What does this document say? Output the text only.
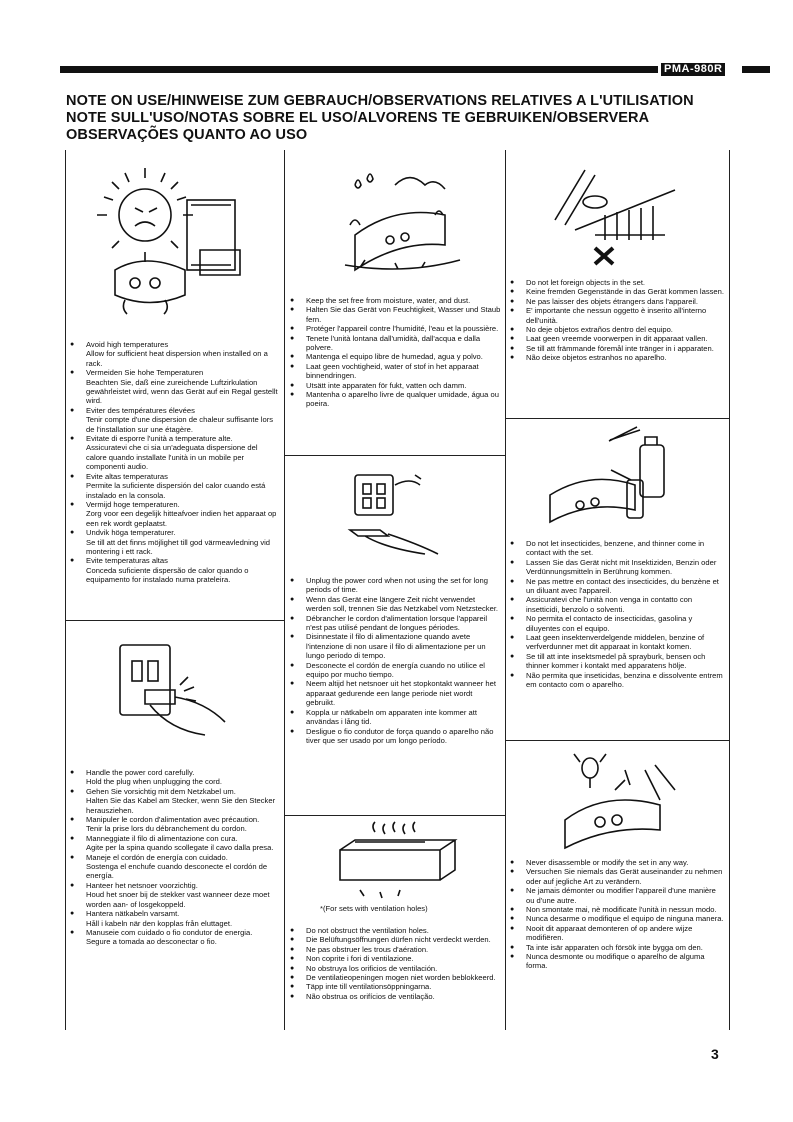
PMA-980R
NOTE ON USE/HINWEISE ZUM GEBRAUCH/OBSERVATIONS RELATIVES A L'UTILISATION
NOTE SULL'USO/NOTAS SOBRE EL USO/ALVORENS TE GEBRUIKEN/OBSERVERA
OBSERVAÇÕES QUANTO AO USO
● Avoid high temperatures
Allow for sufficient heat dispersion when installed on a rack.
● Vermeiden Sie hohe Temperaturen
Beachten Sie, daß eine zureichende Luftzirkulation gewährleistet wird, wenn das Gerät auf ein Regal gestellt wird.
● Eviter des températures élevées
Tenir compte d'une dispersion de chaleur suffisante lors de l'installation sur une étagère.
● Evitate di esporre l'unità a temperature alte.
Assicuratevi che ci sia un'adeguata dispersione del calore quando installate l'unità in un mobile per componenti audio.
● Evite altas temperaturas
Permite la suficiente dispersión del calor cuando está instalado en la consola.
● Vermijd hoge temperaturen.
Zorg voor een degelijk hitteafvoer indien het apparaat op een rek wordt geplaatst.
● Undvik höga temperaturer.
Se till att det finns möjlighet till god värmeavledning vid montering i ett rack.
● Evite temperaturas altas
Conceda suficiente dispersão de calor quando o equipamento for instalado numa prateleira.
● Handle the power cord carefully.
Hold the plug when unplugging the cord.
● Gehen Sie vorsichtig mit dem Netzkabel um.
Halten Sie das Kabel am Stecker, wenn Sie den Stecker herausziehen.
● Manipuler le cordon d'alimentation avec précaution.
Tenir la prise lors du débranchement du cordon.
● Manneggiate il filo di alimentazione con cura.
Agite per la spina quando scollegate il cavo dalla presa.
● Maneje el cordón de energía con cuidado.
Sostenga el enchufe cuando desconecte el cordón de energía.
● Hanteer het netsnoer voorzichtig.
Houd het snoer bij de stekker vast wanneer deze moet worden aan- of losgekoppeld.
● Hantera nätkabeln varsamt.
Håll i kabeln när den kopplas från eluttaget.
● Manuseie com cuidado o fio condutor de energia.
Segure a tomada ao desconectar o fio.
● Keep the set free from moisture, water, and dust.
● Halten Sie das Gerät von Feuchtigkeit, Wasser und Staub fern.
● Protéger l'appareil contre l'humidité, l'eau et la poussière.
● Tenete l'unità lontana dall'umidità, dall'acqua e dalla polvere.
● Mantenga el equipo libre de humedad, agua y polvo.
● Laat geen vochtigheid, water of stof in het apparaat binnendringen.
● Utsätt inte apparaten för fukt, vatten och damm.
● Mantenha o aparelho livre de qualquer umidade, água ou poeira.
● Unplug the power cord when not using the set for long periods of time.
● Wenn das Gerät eine längere Zeit nicht verwendet werden soll, trennen Sie das Netzkabel vom Netzstecker.
● Débrancher le cordon d'alimentation lorsque l'appareil n'est pas utilisé pendant de longues périodes.
● Disinnestate il filo di alimentazione quando avete l'intenzione di non usare il filo di alimentazione per un lungo periodo di tempo.
● Desconecte el cordón de energía cuando no utilice el equipo por mucho tiempo.
● Neem altijd het netsnoer uit het stopkontakt wanneer het apparaat gedurende een lange periode niet wordt gebruikt.
● Koppla ur nätkabeln om apparaten inte kommer att användas i lång tid.
● Desligue o fio condutor de força quando o aparelho não tiver que ser usado por um longo período.
*(For sets with ventilation holes)
● Do not obstruct the ventilation holes.
● Die Belüftungsöffnungen dürfen nicht verdeckt werden.
● Ne pas obstruer les trous d'aération.
● Non coprite i fori di ventilazione.
● No obstruya los orificios de ventilación.
● De ventilatieopeningen mogen niet worden beblokkeerd.
● Täpp inte till ventilationsöppningarna.
● Não obstrua os orifícios de ventilação.
● Do not let foreign objects in the set.
● Keine fremden Gegenstände in das Gerät kommen lassen.
● Ne pas laisser des objets étrangers dans l'appareil.
● E' importante che nessun oggetto è inserito all'interno dell'unità.
● No deje objetos extraños dentro del equipo.
● Laat geen vreemde voorwerpen in dit apparaat vallen.
● Se till att främmande föremål inte tränger in i apparaten.
● Não deixe objetos estranhos no aparelho.
● Do not let insecticides, benzene, and thinner come in contact with the set.
● Lassen Sie das Gerät nicht mit Insektiziden, Benzin oder Verdünnungsmitteln in Berührung kommen.
● Ne pas mettre en contact des insecticides, du benzène et un diluant avec l'appareil.
● Assicuratevi che l'unità non venga in contatto con insetticidi, benzolo o solventi.
● No permita el contacto de insecticidas, gasolina y diluyentes con el equipo.
● Laat geen insektenverdelgende middelen, benzine of verfverdunner met dit apparaat in kontakt komen.
● Se till att inte insektsmedel på sprayburk, bensen och thinner kommer i kontakt med apparatens hölje.
● Não permita que inseticidas, benzina e dissolvente entrem em contacto com o aparelho.
● Never disassemble or modify the set in any way.
● Versuchen Sie niemals das Gerät auseinander zu nehmen oder auf jegliche Art zu verändern.
● Ne jamais démonter ou modifier l'appareil d'une manière ou d'une autre.
● Non smontate mai, nè modificate l'unità in nessun modo.
● Nunca desarme o modifique el equipo de ninguna manera.
● Nooit dit apparaat demonteren of op andere wijze modifiëren.
● Ta inte isär apparaten och försök inte bygga om den.
● Nunca desmonte ou modifique o aparelho de alguma forma.
3
